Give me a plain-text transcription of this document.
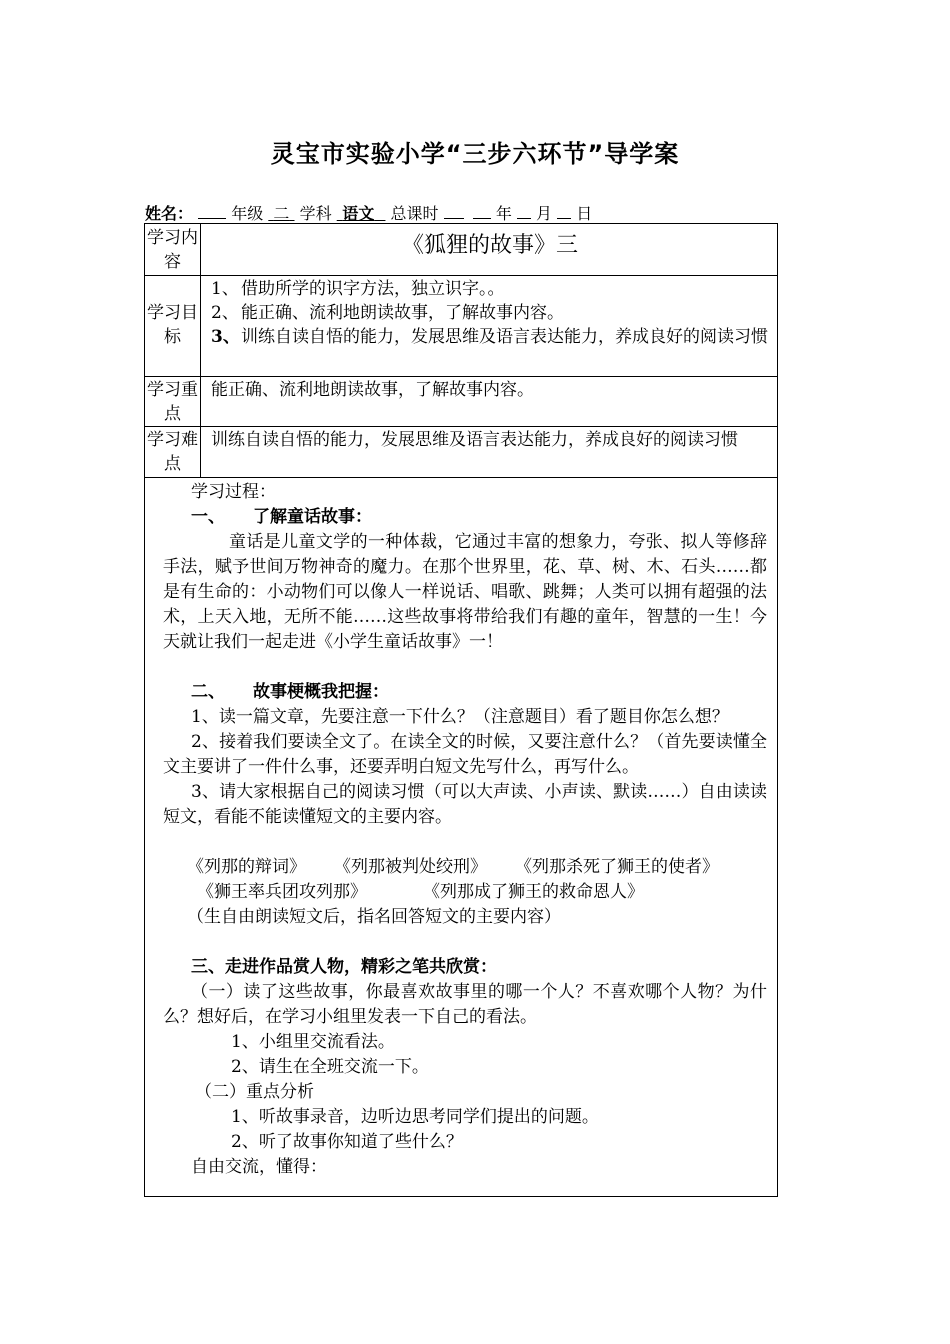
灵宝市实验小学“三步六环节”导学案
姓名： 年级 二 学科 语文 总课时	年 月 日
学习内容
《狐狸的故事》三
学习目标
1、 借助所学的识字方法，独立识字。。
2、 能正确、流利地朗读故事，了解故事内容。
3、 训练自读自悟的能力，发展思维及语言表达能力，养成良好的阅读习惯
学习重点
能正确、流利地朗读故事，了解故事内容。
学习难点
训练自读自悟的能力，发展思维及语言表达能力，养成良好的阅读习惯

学习过程：

一、 了解童话故事：

童话是儿童文学的一种体裁，它通过丰富的想象力，夸张、拟人等修辞手法，赋予世间万物神奇的魔力。在那个世界里，花、草、树、木、石头……都是有生命的：小动物们可以像人一样说话、唱歌、跳舞；人类可以拥有超强的法术，上天入地，无所不能……这些故事将带给我们有趣的童年，智慧的一生！今天就让我们一起走进《小学生童话故事》一！

二、 故事梗概我把握：

1、读一篇文章，先要注意一下什么？（注意题目）看了题目你怎么想？

2、接着我们要读全文了。在读全文的时候，又要注意什么？（首先要读懂全文主要讲了一件什么事，还要弄明白短文先写什么，再写什么。

3、请大家根据自己的阅读习惯（可以大声读、小声读、默读……）自由读读短文，看能不能读懂短文的主要内容。

《列那的辩词》 《列那被判处绞刑》 《列那杀死了狮王的使者》

《狮王率兵团攻列那》	《列那成了狮王的救命恩人》

（生自由朗读短文后，指名回答短文的主要内容）

三、走进作品赏人物，精彩之笔共欣赏：

（一）读了这些故事，你最喜欢故事里的哪一个人？不喜欢哪个人物？为什么？想好后，在学习小组里发表一下自己的看法。

1、小组里交流看法。

2、请生在全班交流一下。

（二）重点分析

1、听故事录音，边听边思考同学们提出的问题。

2、听了故事你知道了些什么？

自由交流，懂得：
